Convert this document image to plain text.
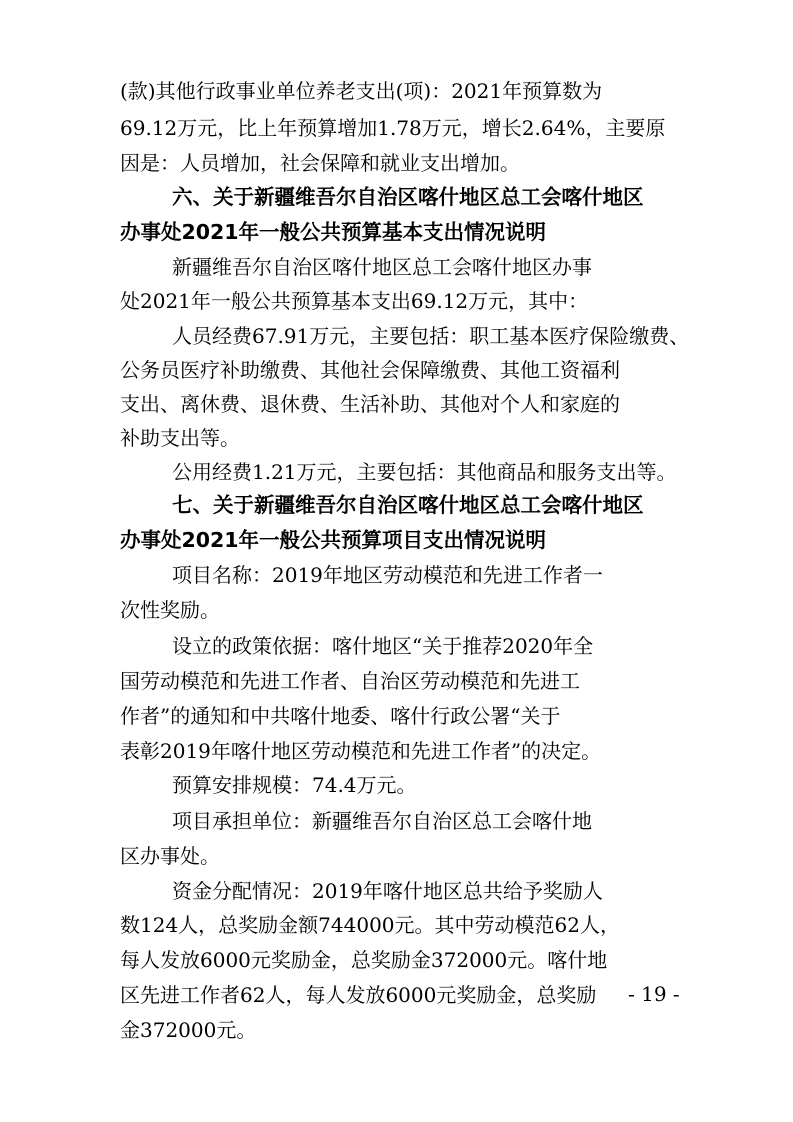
(款)其他行政事业单位养老支出(项)：2021年预算数为
69.12万元，比上年预算增加1.78万元，增长2.64%，主要原
因是：人员增加，社会保障和就业支出增加。
六、关于新疆维吾尔自治区喀什地区总工会喀什地区
办事处2021年一般公共预算基本支出情况说明
新疆维吾尔自治区喀什地区总工会喀什地区办事
处2021年一般公共预算基本支出69.12万元，其中：
人员经费67.91万元，主要包括：职工基本医疗保险缴费、
公务员医疗补助缴费、其他社会保障缴费、其他工资福利
支出、离休费、退休费、生活补助、其他对个人和家庭的
补助支出等。
公用经费1.21万元，主要包括：其他商品和服务支出等。
七、关于新疆维吾尔自治区喀什地区总工会喀什地区
办事处2021年一般公共预算项目支出情况说明
项目名称：2019年地区劳动模范和先进工作者一
次性奖励。
设立的政策依据：喀什地区“关于推荐2020年全
国劳动模范和先进工作者、自治区劳动模范和先进工
作者”的通知和中共喀什地委、喀什行政公署“关于
表彰2019年喀什地区劳动模范和先进工作者”的决定。
预算安排规模：74.4万元。
项目承担单位：新疆维吾尔自治区总工会喀什地
区办事处。
资金分配情况：2019年喀什地区总共给予奖励人
数124人，总奖励金额744000元。其中劳动模范62人，
每人发放6000元奖励金，总奖励金372000元。喀什地
区先进工作者62人，每人发放6000元奖励金，总奖励
金372000元。
- 19 -
